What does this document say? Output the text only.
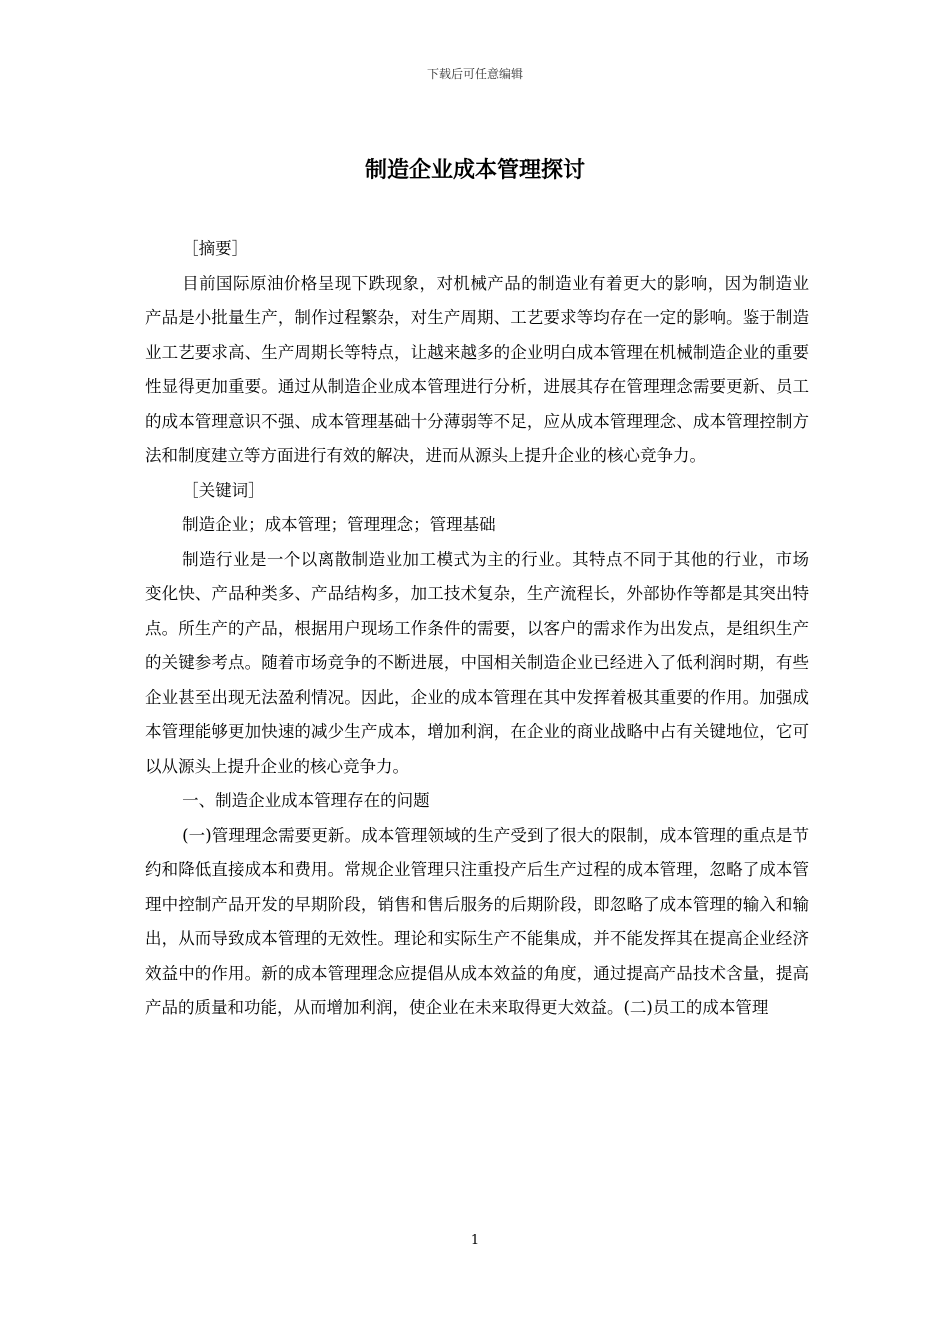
下载后可任意编辑
制造企业成本管理探讨

［摘要］

目前国际原油价格呈现下跌现象，对机械产品的制造业有着更大的影响，因为制造业产品是小批量生产，制作过程繁杂，对生产周期、工艺要求等均存在一定的影响。鉴于制造业工艺要求高、生产周期长等特点，让越来越多的企业明白成本管理在机械制造企业的重要性显得更加重要。通过从制造企业成本管理进行分析，进展其存在管理理念需要更新、员工的成本管理意识不强、成本管理基础十分薄弱等不足，应从成本管理理念、成本管理控制方法和制度建立等方面进行有效的解决，进而从源头上提升企业的核心竞争力。

［关键词］

制造企业；成本管理；管理理念；管理基础

制造行业是一个以离散制造业加工模式为主的行业。其特点不同于其他的行业，市场变化快、产品种类多、产品结构多，加工技术复杂，生产流程长，外部协作等都是其突出特点。所生产的产品，根据用户现场工作条件的需要，以客户的需求作为出发点，是组织生产的关键参考点。随着市场竞争的不断进展，中国相关制造企业已经进入了低利润时期，有些企业甚至出现无法盈利情况。因此，企业的成本管理在其中发挥着极其重要的作用。加强成本管理能够更加快速的减少生产成本，增加利润，在企业的商业战略中占有关键地位，它可以从源头上提升企业的核心竞争力。

一、制造企业成本管理存在的问题

(一)管理理念需要更新。成本管理领域的生产受到了很大的限制，成本管理的重点是节约和降低直接成本和费用。常规企业管理只注重投产后生产过程的成本管理，忽略了成本管理中控制产品开发的早期阶段，销售和售后服务的后期阶段，即忽略了成本管理的输入和输出，从而导致成本管理的无效性。理论和实际生产不能集成，并不能发挥其在提高企业经济效益中的作用。新的成本管理理念应提倡从成本效益的角度，通过提高产品技术含量，提高产品的质量和功能，从而增加利润，使企业在未来取得更大效益。(二)员工的成本管理

1
